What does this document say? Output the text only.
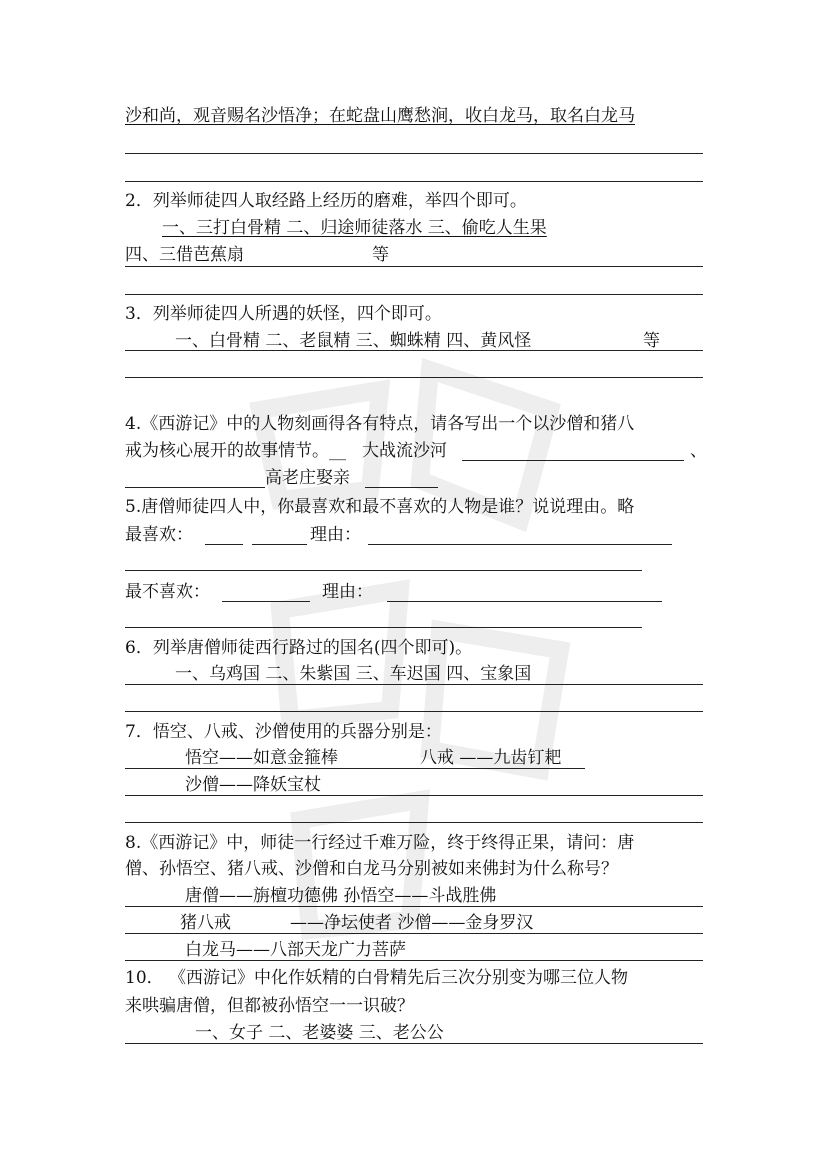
沙和尚，观音赐名沙悟净；在蛇盘山鹰愁涧，收白龙马，取名白龙马
2．列举师徒四人取经路上经历的磨难，举四个即可。
一、三打白骨精 二、归途师徒落水 三、偷吃人生果
四、三借芭蕉扇	等
3．列举师徒四人所遇的妖怪，四个即可。
一、白骨精 二、老鼠精 三、蜘蛛精 四、黄风怪	等
4.《西游记》中的人物刻画得各有特点，请各写出一个以沙僧和猪八
戒为核心展开的故事情节。__ 大战流沙河	、
高老庄娶亲
5.唐僧师徒四人中，你最喜欢和最不喜欢的人物是谁？说说理由。略
最喜欢：	理由：
最不喜欢：	理由：
6．列举唐僧师徒西行路过的国名(四个即可)。
一、乌鸡国 二、朱紫国 三、车迟国 四、宝象国
7．悟空、八戒、沙僧使用的兵器分别是：
悟空——如意金箍棒	八戒 ——九齿钉耙
沙僧——降妖宝杖
8.《西游记》中，师徒一行经过千难万险，终于终得正果，请问：唐
僧、孙悟空、猪八戒、沙僧和白龙马分别被如来佛封为什么称号？
唐僧——旃檀功德佛 孙悟空——斗战胜佛
猪八戒	——净坛使者 沙僧——金身罗汉
白龙马——八部天龙广力菩萨
10． 《西游记》中化作妖精的白骨精先后三次分别变为哪三位人物
来哄骗唐僧，但都被孙悟空一一识破？
一、女子 二、老婆婆 三、老公公
